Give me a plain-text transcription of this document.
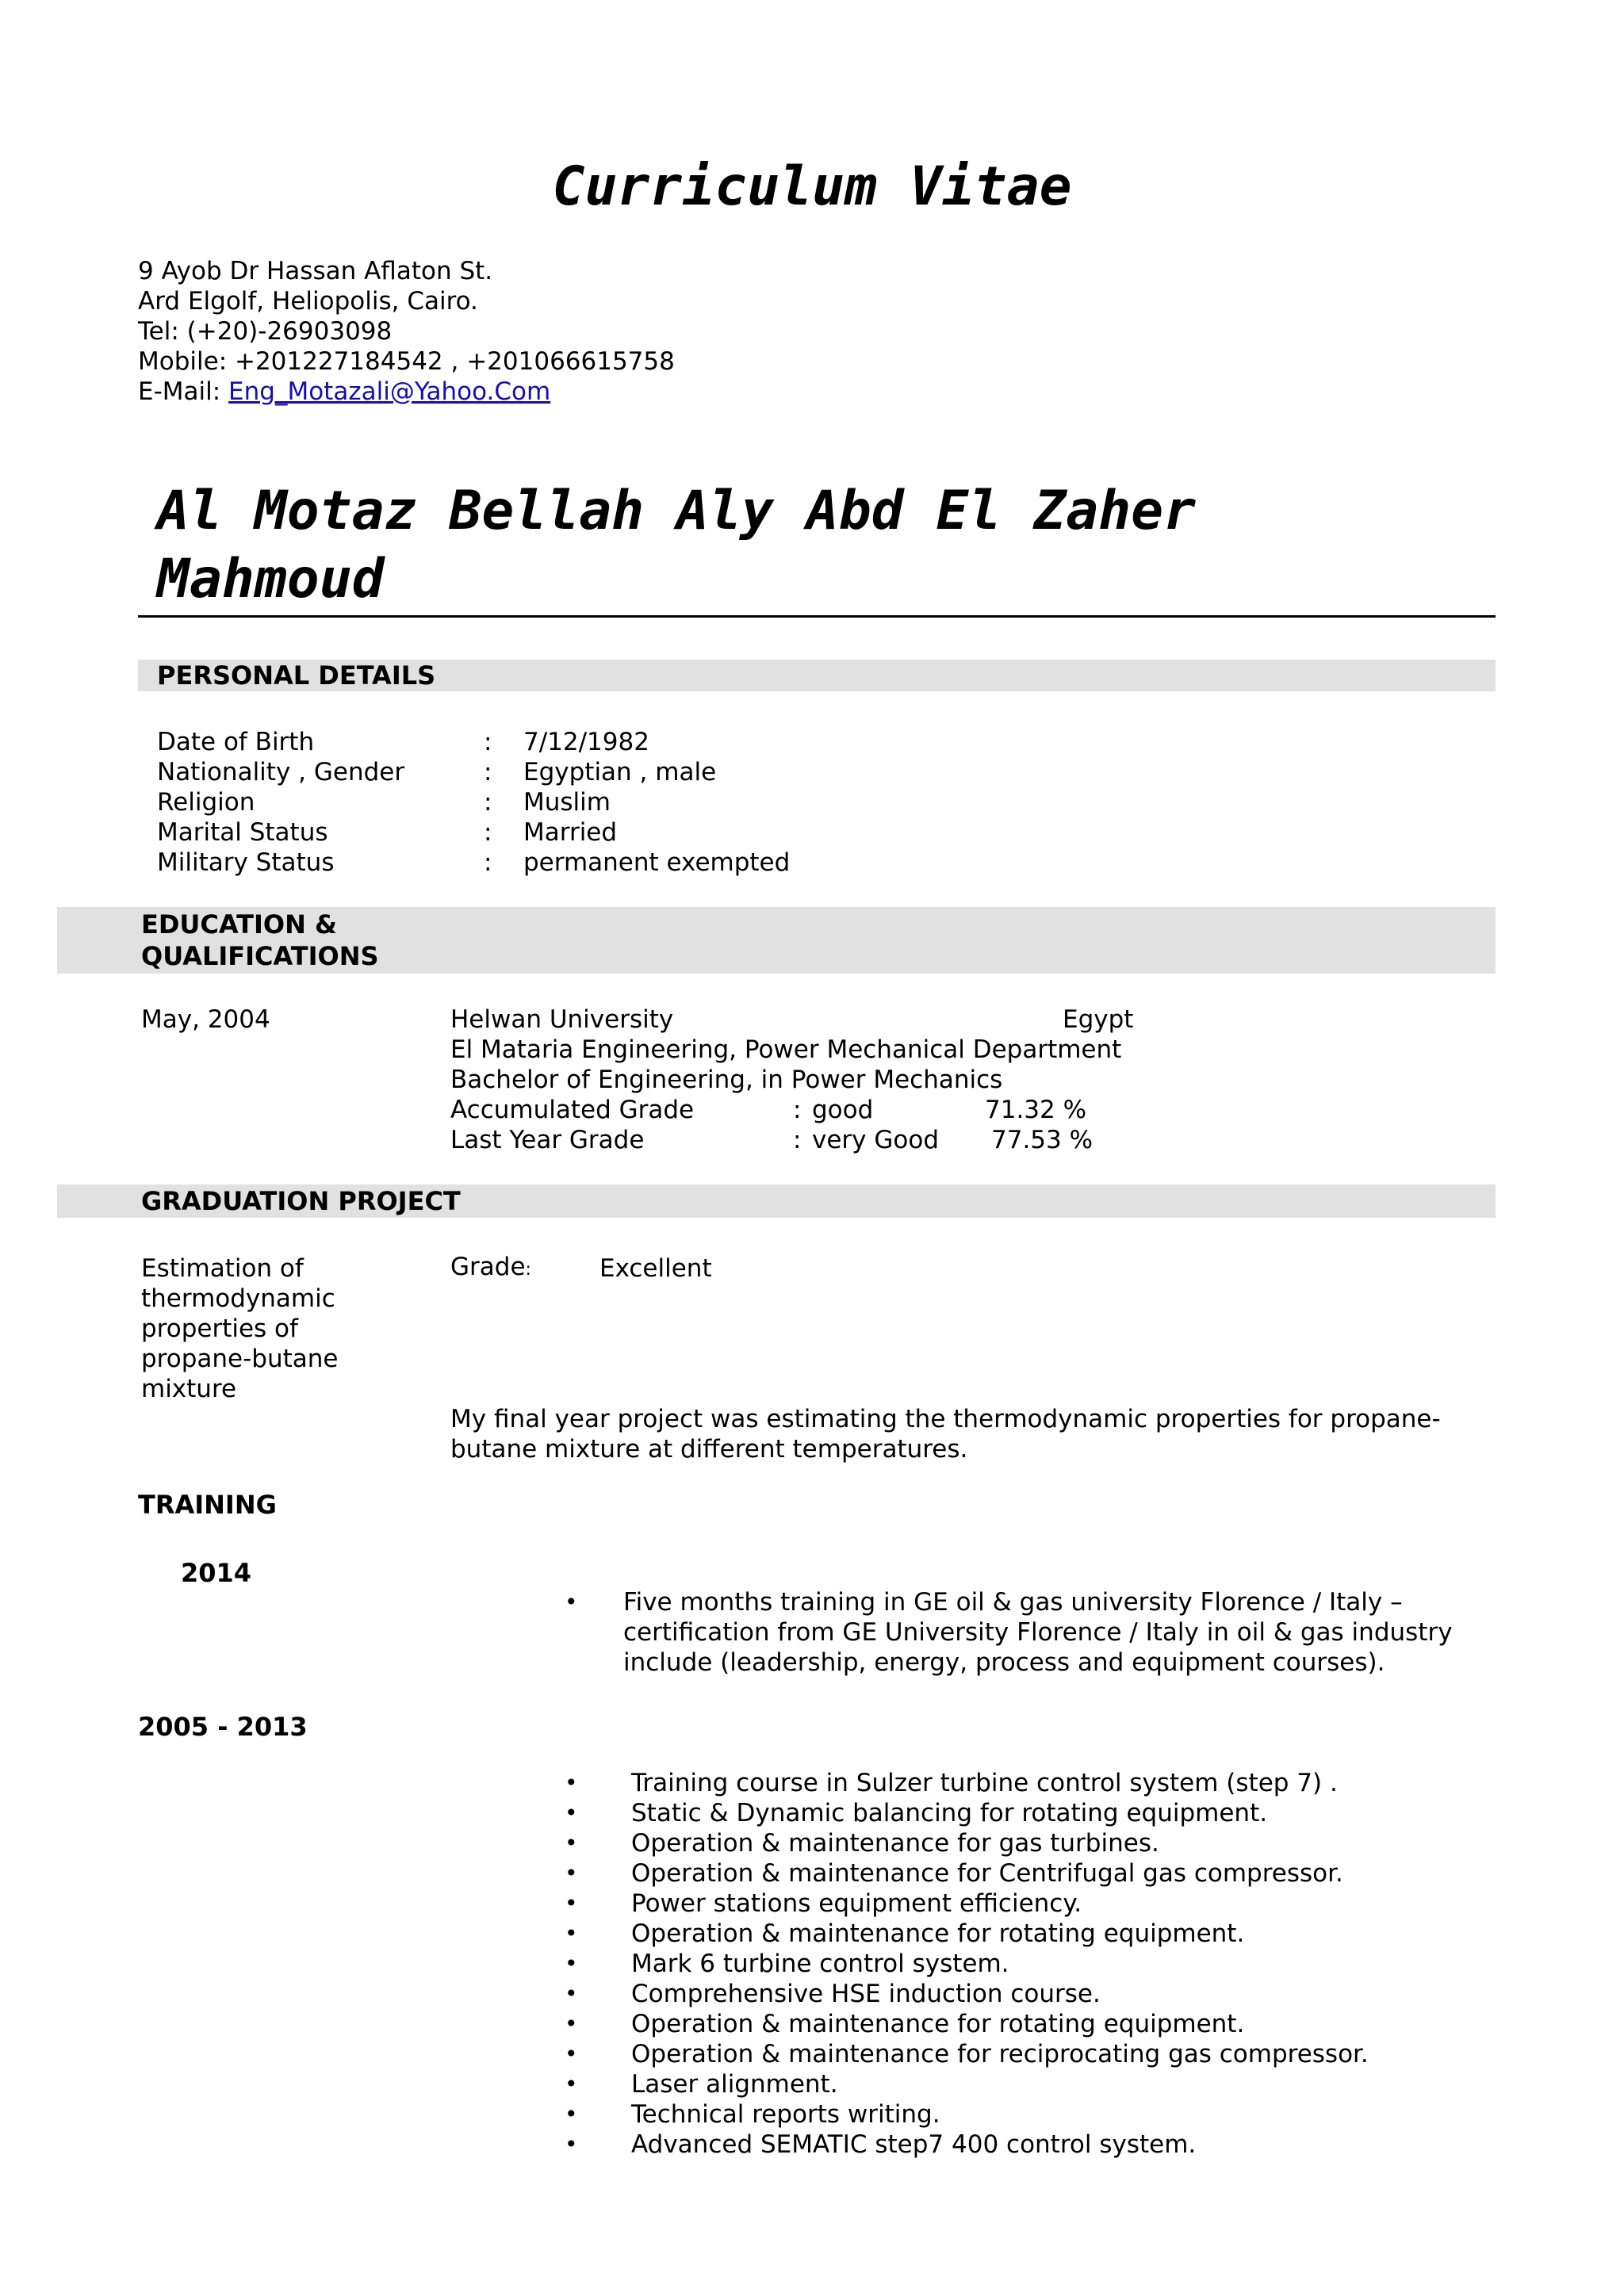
Curriculum Vitae
9 Ayob Dr Hassan Aflaton St.
Ard Elgolf, Heliopolis, Cairo.
Tel: (+20)-26903098
Mobile: +201227184542 , +201066615758
E-Mail: Eng_Motazali@Yahoo.Com
Al Motaz Bellah Aly Abd El Zaher
Mahmoud
PERSONAL DETAILS
Date of Birth	: 7/12/1982
Nationality , Gender	: Egyptian , male
Religion	: Muslim
Marital Status	: Married
Military Status	: permanent exempted
EDUCATION &
QUALIFICATIONS
May, 2004	Helwan University	Egypt
El Mataria Engineering, Power Mechanical Department
Bachelor of Engineering, in Power Mechanics
Accumulated Grade	: good	71.32 %
Last Year Grade	: very Good 77.53 %
GRADUATION PROJECT
Estimation of
thermodynamic
properties of
propane-butane
mixture
Grade:	Excellent
My final year project was estimating the thermodynamic properties for propane-
butane mixture at different temperatures.
TRAINING
2014
• Five months training in GE oil & gas university Florence / Italy –
certification from GE University Florence / Italy in oil & gas industry
include (leadership, energy, process and equipment courses).
2005 - 2013
• Training course in Sulzer turbine control system (step 7) .
• Static & Dynamic balancing for rotating equipment.
• Operation & maintenance for gas turbines.
• Operation & maintenance for Centrifugal gas compressor.
• Power stations equipment efficiency.
• Operation & maintenance for rotating equipment.
• Mark 6 turbine control system.
• Comprehensive HSE induction course.
• Operation & maintenance for rotating equipment.
• Operation & maintenance for reciprocating gas compressor.
• Laser alignment.
• Technical reports writing.
• Advanced SEMATIC step7 400 control system.
